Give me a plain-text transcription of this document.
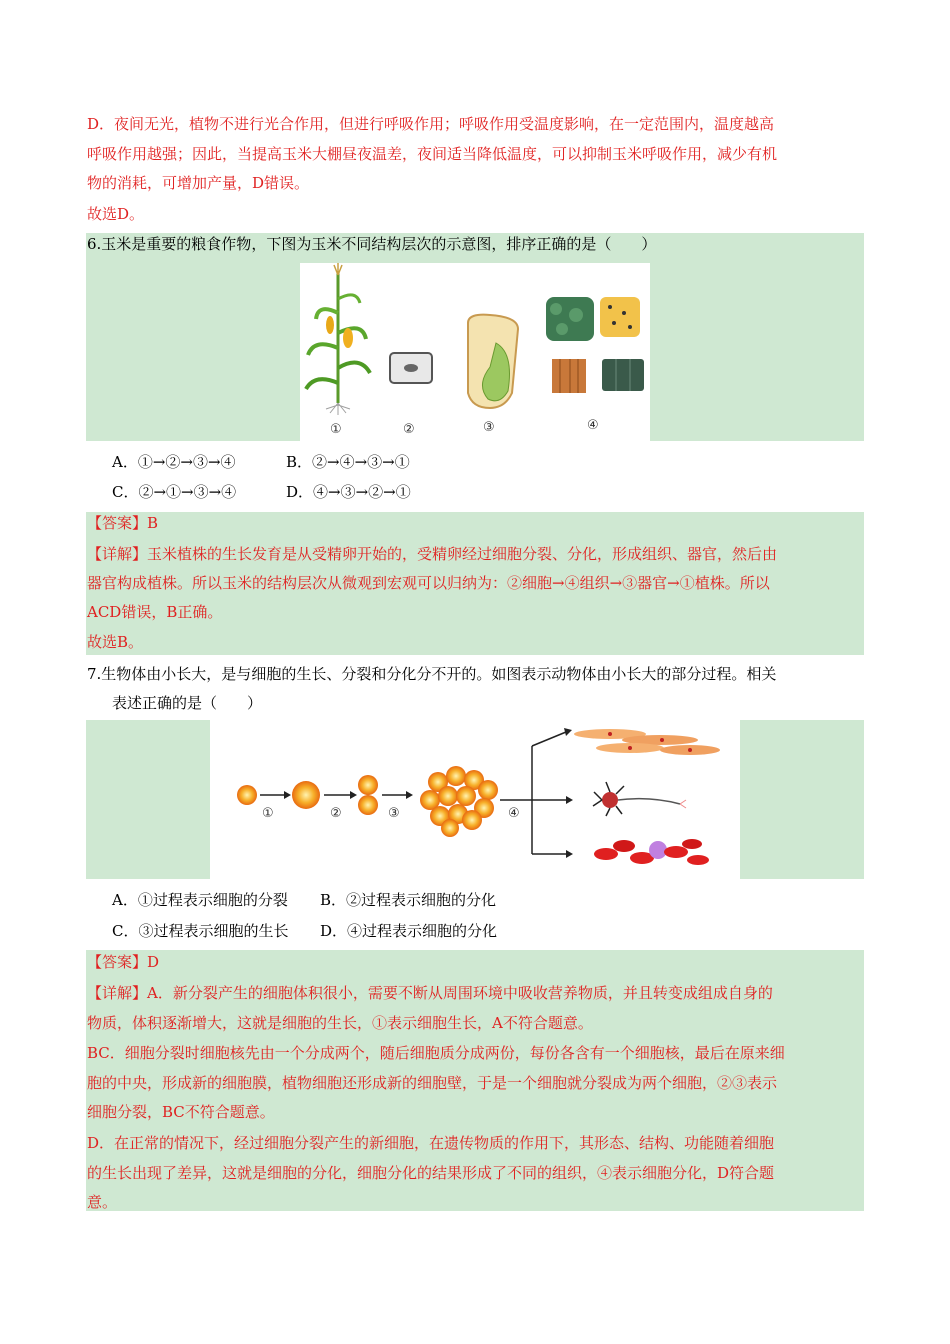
D．夜间无光，植物不进行光合作用，但进行呼吸作用；呼吸作用受温度影响，在一定范围内，温度越高
呼吸作用越强；因此，当提高玉米大棚昼夜温差，夜间适当降低温度，可以抑制玉米呼吸作用，减少有机
物的消耗，可增加产量，D错误。
故选D。
6.玉米是重要的粮食作物，下图为玉米不同结构层次的示意图，排序正确的是（　　）
①	②	③	④
A．①→②→③→④	B．②→④→③→①
C．②→①→③→④	D．④→③→②→①
【答案】B
【详解】玉米植株的生长发育是从受精卵开始的，受精卵经过细胞分裂、分化，形成组织、器官，然后由
器官构成植株。所以玉米的结构层次从微观到宏观可以归纳为：②细胞→④组织→③器官→①植株。所以
ACD错误，B正确。
故选B。
7.生物体由小长大，是与细胞的生长、分裂和分化分不开的。如图表示动物体由小长大的部分过程。相关
表述正确的是（　　）
①	②	③	④
A．①过程表示细胞的分裂 B．②过程表示细胞的分化
C．③过程表示细胞的生长 D．④过程表示细胞的分化
【答案】D
【详解】A．新分裂产生的细胞体积很小，需要不断从周围环境中吸收营养物质，并且转变成组成自身的
物质，体积逐渐增大，这就是细胞的生长，①表示细胞生长，A不符合题意。
BC．细胞分裂时细胞核先由一个分成两个，随后细胞质分成两份，每份各含有一个细胞核，最后在原来细
胞的中央，形成新的细胞膜，植物细胞还形成新的细胞壁，于是一个细胞就分裂成为两个细胞，②③表示
细胞分裂，BC不符合题意。
D．在正常的情况下，经过细胞分裂产生的新细胞，在遗传物质的作用下，其形态、结构、功能随着细胞
的生长出现了差异，这就是细胞的分化，细胞分化的结果形成了不同的组织，④表示细胞分化，D符合题
意。
